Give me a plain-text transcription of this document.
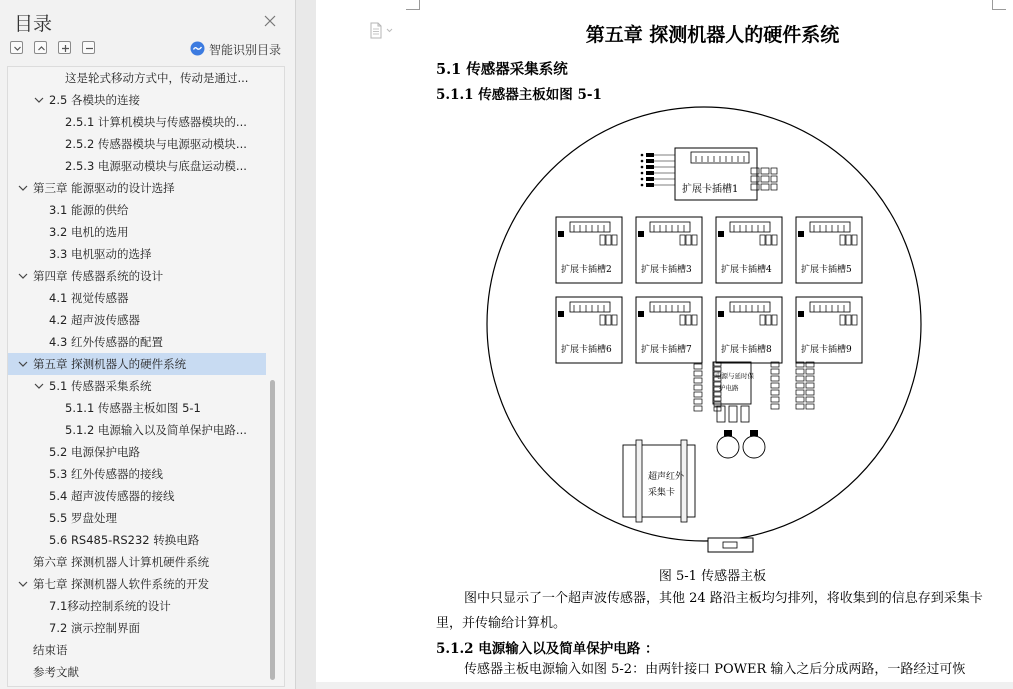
目录
智能识别目录
这是轮式移动方式中，传动是通过...
2.5 各模块的连接
2.5.1 计算机模块与传感器模块的...
2.5.2 传感器模块与电源驱动模块...
2.5.3 电源驱动模块与底盘运动模...
第三章 能源驱动的设计选择
3.1 能源的供给
3.2 电机的选用
3.3 电机驱动的选择
第四章 传感器系统的设计
4.1 视觉传感器
4.2 超声波传感器
4.3 红外传感器的配置
第五章 探测机器人的硬件系统
5.1 传感器采集系统
5.1.1 传感器主板如图 5-1
5.1.2 电源输入以及简单保护电路...
5.2 电源保护电路
5.3 红外传感器的接线
5.4 超声波传感器的接线
5.5 罗盘处理
5.6 RS485-RS232 转换电路
第六章 探测机器人计算机硬件系统
第七章 探测机器人软件系统的开发
7.1移动控制系统的设计
7.2 演示控制界面
结束语
参考文献
第五章 探测机器人的硬件系统
5.1 传感器采集系统
5.1.1 传感器主板如图 5-1
扩展卡插槽1
扩展卡插槽2	扩展卡插槽3	扩展卡插槽4	扩展卡插槽5
扩展卡插槽6	扩展卡插槽7	扩展卡插槽8	扩展卡插槽9
电源与延时保
护电路
超声红外
采集卡
图 5-1 传感器主板
图中只显示了一个超声波传感器，其他 24 路沿主板均匀排列，将收集到的信息存到采集卡里，并传输给计算机。
5.1.2 电源输入以及简单保护电路 ：
传感器主板电源输入如图 5-2：由两针接口 POWER 输入之后分成两路，一路经过可恢
